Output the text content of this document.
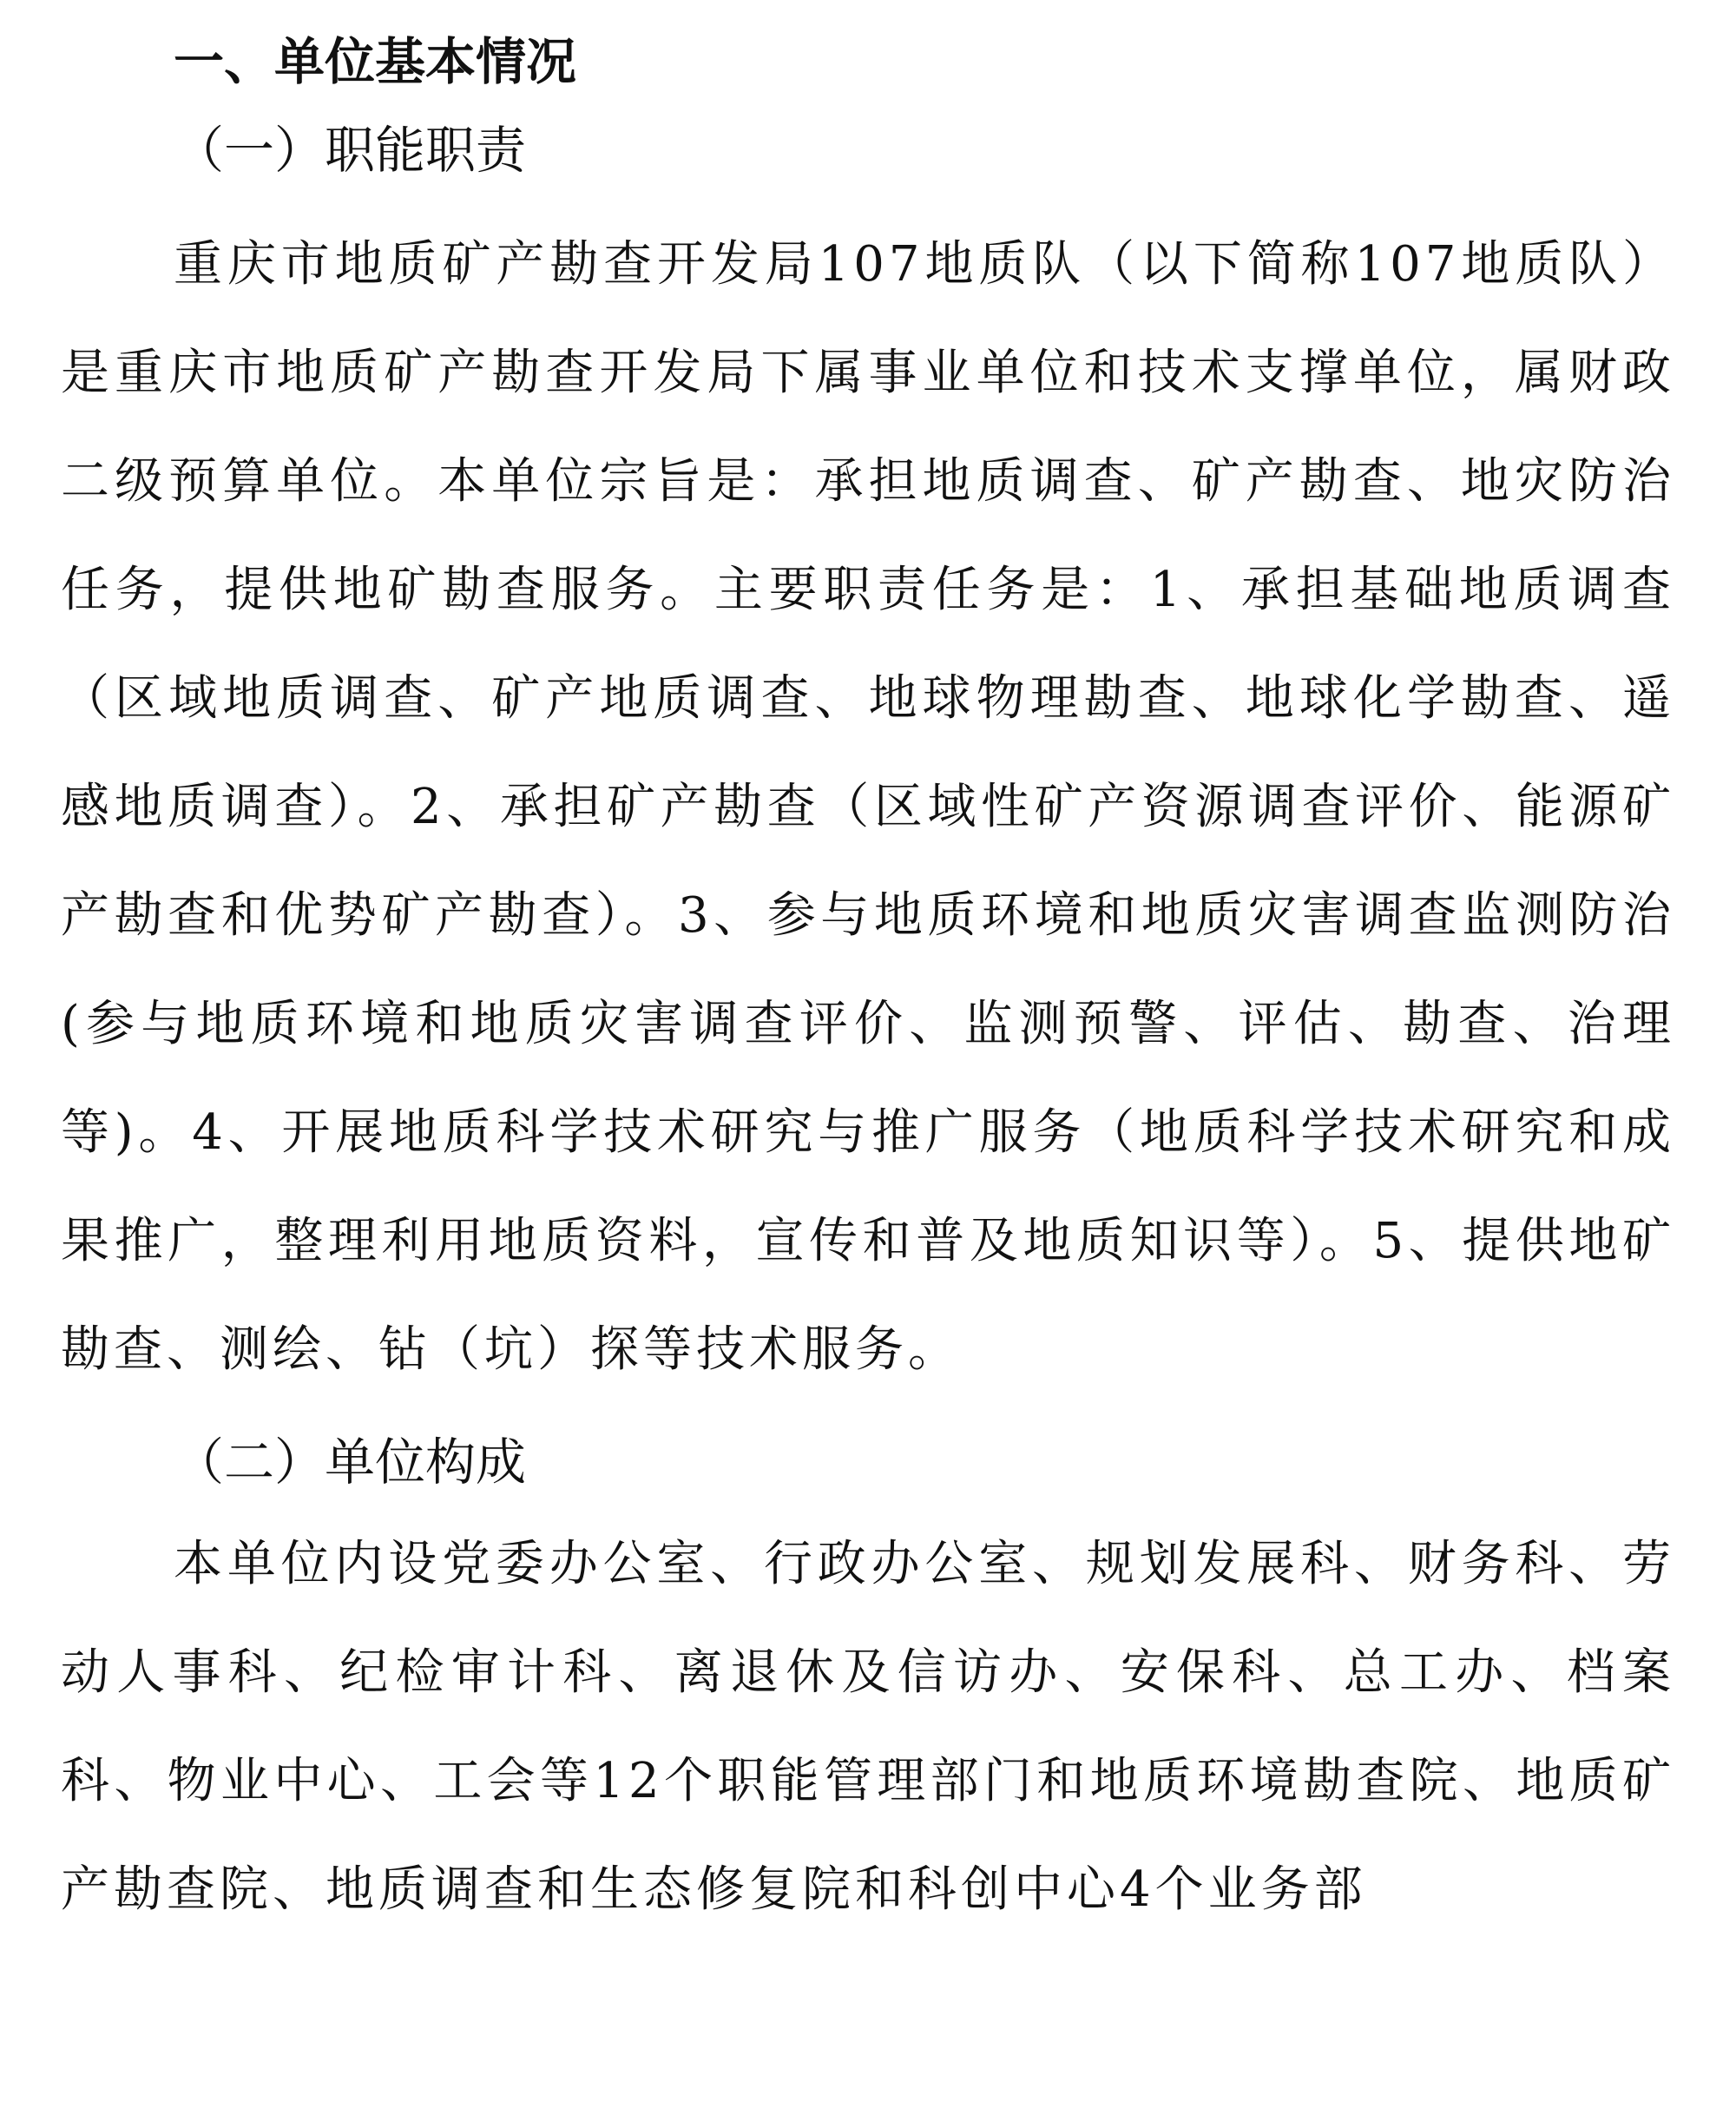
一、单位基本情况
（一）职能职责

重庆市地质矿产勘查开发局107地质队（以下简称107地质队）是重庆市地质矿产勘查开发局下属事业单位和技术支撑单位，属财政二级预算单位。本单位宗旨是：承担地质调查、矿产勘查、地灾防治任务，提供地矿勘查服务。主要职责任务是：1、承担基础地质调查（区域地质调查、矿产地质调查、地球物理勘查、地球化学勘查、遥感地质调查）。2、承担矿产勘查（区域性矿产资源调查评价、能源矿产勘查和优势矿产勘查）。3、参与地质环境和地质灾害调查监测防治(参与地质环境和地质灾害调查评价、监测预警、评估、勘查、治理等)。4、开展地质科学技术研究与推广服务（地质科学技术研究和成果推广，整理利用地质资料，宣传和普及地质知识等）。5、提供地矿勘查、测绘、钻（坑）探等技术服务。

（二）单位构成

本单位内设党委办公室、行政办公室、规划发展科、财务科、劳动人事科、纪检审计科、离退休及信访办、安保科、总工办、档案科、物业中心、工会等12个职能管理部门和地质环境勘查院、地质矿产勘查院、地质调查和生态修复院和科创中心4个业务部
